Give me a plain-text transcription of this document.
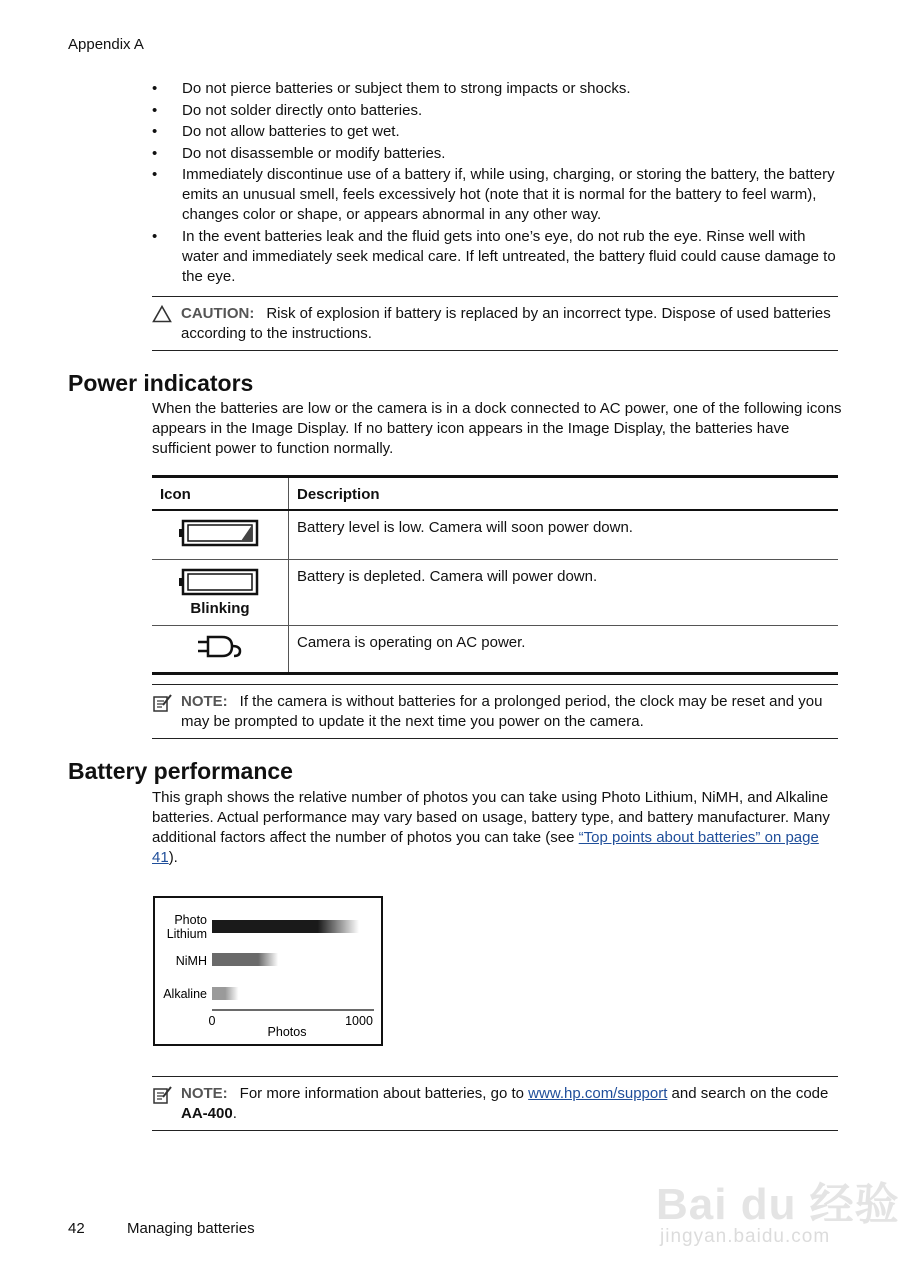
Appendix A
• Do not pierce batteries or subject them to strong impacts or shocks.
• Do not solder directly onto batteries.
• Do not allow batteries to get wet.
• Do not disassemble or modify batteries.
• Immediately discontinue use of a battery if, while using, charging, or storing the battery, the battery emits an unusual smell, feels excessively hot (note that it is normal for the battery to feel warm), changes color or shape, or appears abnormal in any other way.
• In the event batteries leak and the fluid gets into one’s eye, do not rub the eye. Rinse well with water and immediately seek medical care. If left untreated, the battery fluid could cause damage to the eye.
CAUTION: Risk of explosion if battery is replaced by an incorrect type. Dispose of used batteries according to the instructions.
Power indicators
When the batteries are low or the camera is in a dock connected to AC power, one of the following icons appears in the Image Display. If no battery icon appears in the Image Display, the batteries have sufficient power to function normally.
Icon	Description
	Battery level is low. Camera will soon power down.

Blinking	Battery is depleted. Camera will power down.
	Camera is operating on AC power.
NOTE: If the camera is without batteries for a prolonged period, the clock may be reset and you may be prompted to update it the next time you power on the camera.
Battery performance
This graph shows the relative number of photos you can take using Photo Lithium, NiMH, and Alkaline batteries. Actual performance may vary based on usage, battery type, and battery manufacturer. Many additional factors affect the number of photos you can take (see “Top points about batteries” on page 41).
0	1000
Photos
Photo
Lithium
NiMH
Alkaline
NOTE: For more information about batteries, go to www.hp.com/support and search on the code AA-400.
42	Managing batteries	Bai du 经验
jingyan.baidu.com
